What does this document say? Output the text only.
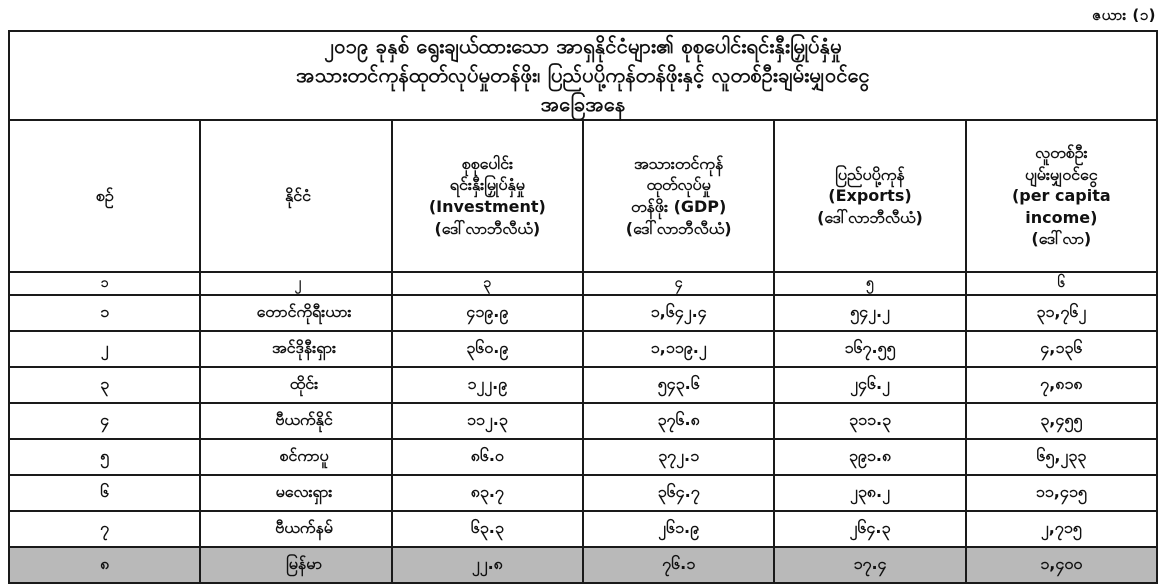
ဇယား (၁)
၂၀၁၉ ခုနှစ် ရွေးချယ်ထားသော အာရှနိုင်ငံများ၏ စုစုပေါင်းရင်းနှီးမြှုပ်နှံမှု
အသားတင်ကုန်ထုတ်လုပ်မှုတန်ဖိုး၊ ပြည်ပပို့ကုန်တန်ဖိုးနှင့် လူတစ်ဦးချမ်းမျှဝင်ငွေ
အခြေအနေ					

စဉ်	နိုင်ငံ	စုစုပေါင်း
ရင်းနှီးမြှုပ်နှံမှု
(Investment)
(ဒေါ်လာဘီလီယံ)	အသားတင်ကုန်
ထုတ်လုပ်မှု
တန်ဖိုး (GDP)
(ဒေါ်လာဘီလီယံ)	ပြည်ပပို့ကုန်
(Exports)
(ဒေါ်လာဘီလီယံ)	လူတစ်ဦး
ပျမ်းမျှဝင်ငွေ
(per capita
income)
(ဒေါ်လာ)

၁	၂	၃	၄	၅	၆
၁	တောင်ကိုရီးယား	၄၁၉.၉	၁,၆၄၂.၄	၅၄၂.၂	၃၁,၇၆၂
၂	အင်ဒိုနီးရှား	၃၆၀.၉	၁,၁၁၉.၂	၁၆၇.၅၅	၄,၁၃၆
၃	ထိုင်း	၁၂၂.၉	၅၄၃.၆	၂၄၆.၂	၇,၈၁၈
၄	ဗီယက်နိုင်	၁၁၂.၃	၃၇၆.၈	၃၁၁.၃	၃,၄၅၅
၅	စင်ကာပူ	၈၆.၀	၃၇၂.၁	၃၉၁.၈	၆၅,၂၃၃
၆	မလေးရှား	၈၃.၇	၃၆၄.၇	၂၃၈.၂	၁၁,၄၁၅
၇	ဗီယက်နမ်	၆၃.၃	၂၆၁.၉	၂၆၄.၃	၂,၇၁၅
၈	မြန်မာ	၂၂.၈	၇၆.၁	၁၇.၄	၁,၄၀၀
